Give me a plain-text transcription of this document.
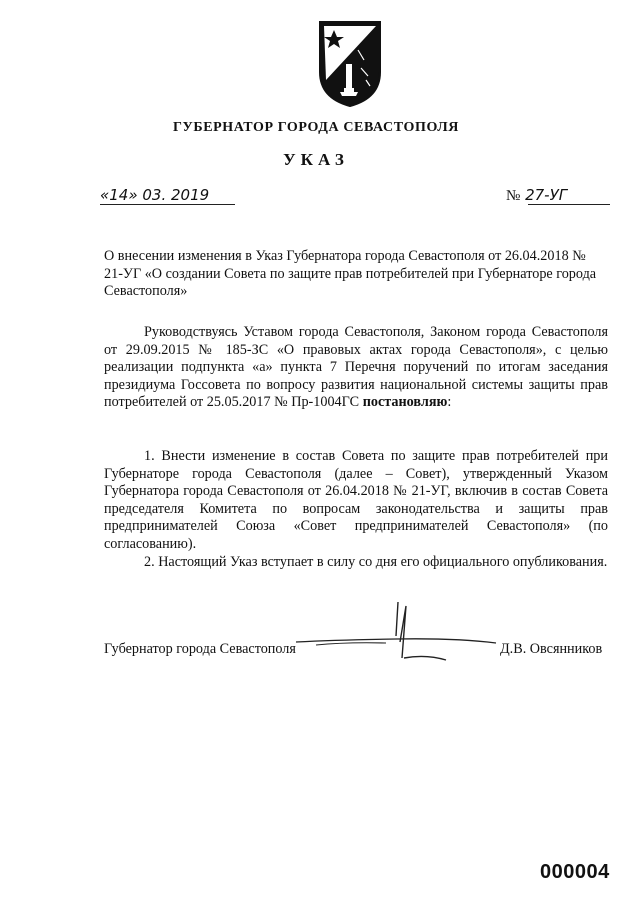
ГУБЕРНАТОР ГОРОДА СЕВАСТОПОЛЯ
УКАЗ
«14» 03. 2019	№ 27-УГ

О внесении изменения в Указ Губернатора города Севастополя от 26.04.2018 № 21-УГ «О создании Совета по защите прав потребителей при Губернаторе города Севастополя»

Руководствуясь Уставом города Севастополя, Законом города Севастополя от 29.09.2015 № 185-ЗС «О правовых актах города Севастополя», с целью реализации подпункта «а» пункта 7 Перечня поручений по итогам заседания президиума Госсовета по вопросу развития национальной системы защиты прав потребителей от 25.05.2017 № Пр-1004ГС постановляю:

1. Внести изменение в состав Совета по защите прав потребителей при Губернаторе города Севастополя (далее – Совет), утвержденный Указом Губернатора города Севастополя от 26.04.2018 № 21-УГ, включив в состав Совета председателя Комитета по вопросам законодательства и защиты прав предпринимателей Союза «Совет предпринимателей Севастополя» (по согласованию).

2. Настоящий Указ вступает в силу со дня его официального опубликования.

Губернатор города Севастополя	Д.В. Овсянников
000004
